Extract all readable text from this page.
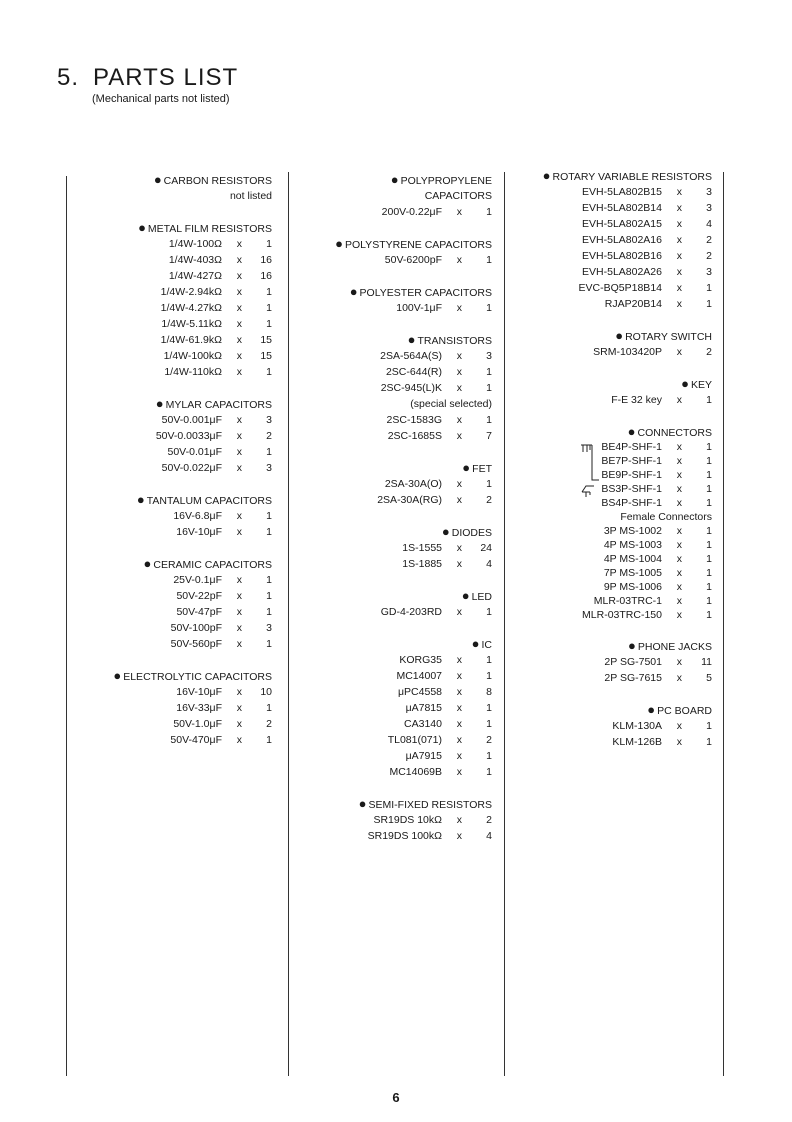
5. PARTS LIST
(Mechanical parts not listed)
● CARBON RESISTORS
not listed
● METAL FILM RESISTORS
1/4W-100Ω x	1
1/4W-403Ω x	16
1/4W-427Ω x	16
1/4W-2.94kΩ x	1
1/4W-4.27kΩ x	1
1/4W-5.11kΩ x	1
1/4W-61.9kΩ x	15
1/4W-100kΩ x	15
1/4W-110kΩ x	1
● MYLAR CAPACITORS
50V-0.001μF x	3
50V-0.0033μF x	2
50V-0.01μF x	1
50V-0.022μF x	3
● TANTALUM CAPACITORS
16V-6.8μF x	1
16V-10μF x	1
● CERAMIC CAPACITORS
25V-0.1μF x	1
50V-22pF x	1
50V-47pF x	1
50V-100pF x	3
50V-560pF x	1
● ELECTROLYTIC CAPACITORS
16V-10μF x	10
16V-33μF x	1
50V-1.0μF x	2
50V-470μF x	1
● POLYPROPYLENE
CAPACITORS
200V-0.22μF x	1
● POLYSTYRENE CAPACITORS
50V-6200pF x	1
● POLYESTER CAPACITORS
100V-1μF x	1
● TRANSISTORS
2SA-564A(S) x	3
2SC-644(R) x	1
2SC-945(L)K x	1
(special selected)
2SC-1583G x	1
2SC-1685S x	7
● FET
2SA-30A(O) x	1
2SA-30A(RG) x	2
● DIODES
1S-1555 x	24
1S-1885 x	4
● LED
GD-4-203RD x	1
● IC
KORG35 x	1
MC14007 x	1
μPC4558 x	8
μA7815 x	1
CA3140 x	1
TL081(071) x	2
μA7915 x	1
MC14069B x	1
● SEMI-FIXED RESISTORS
SR19DS 10kΩ x	2
SR19DS 100kΩ x	4
● ROTARY VARIABLE RESISTORS
EVH-5LA802B15 x	3
EVH-5LA802B14 x	3
EVH-5LA802A15 x	4
EVH-5LA802A16 x	2
EVH-5LA802B16 x	2
EVH-5LA802A26 x	3
EVC-BQ5P18B14 x	1
RJAP20B14 x	1
● ROTARY SWITCH
SRM-103420P x	2
● KEY
F-E 32 key x	1
● CONNECTORS
BE4P-SHF-1 x	1
BE7P-SHF-1 x	1
BE9P-SHF-1 x	1
BS3P-SHF-1 x	1
BS4P-SHF-1 x	1
Female Connectors
3P MS-1002 x	1
4P MS-1003 x	1
4P MS-1004 x	1
7P MS-1005 x	1
9P MS-1006 x	1
MLR-03TRC-1 x	1
MLR-03TRC-150 x	1
● PHONE JACKS
2P SG-7501 x	11
2P SG-7615 x	5
● PC BOARD
KLM-130A x	1
KLM-126B x	1
6
